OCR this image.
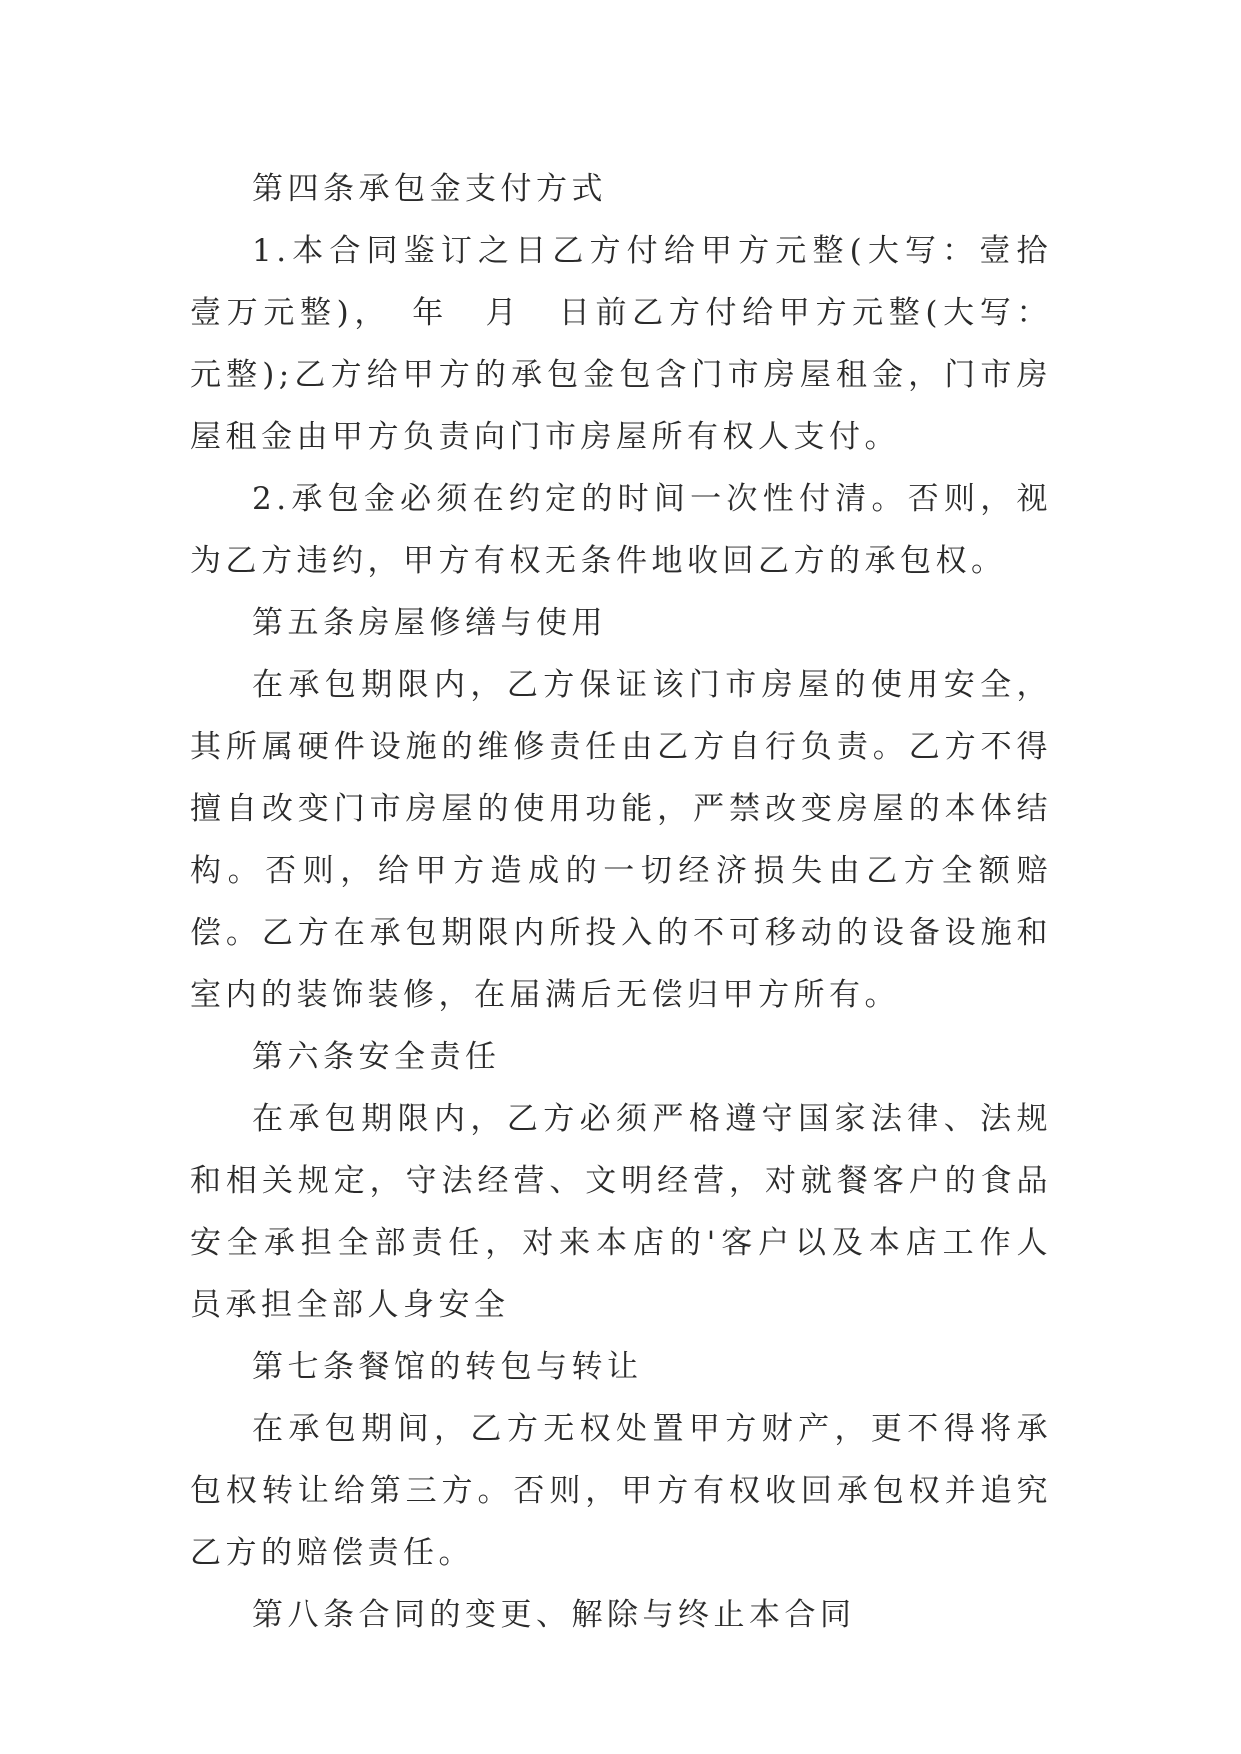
第四条承包金支付方式

1.本合同鉴订之日乙方付给甲方元整(大写：壹拾壹万元整)，　年　月　日前乙方付给甲方元整(大写：元整);乙方给甲方的承包金包含门市房屋租金，门市房屋租金由甲方负责向门市房屋所有权人支付。

2.承包金必须在约定的时间一次性付清。否则，视为乙方违约，甲方有权无条件地收回乙方的承包权。

第五条房屋修缮与使用

在承包期限内，乙方保证该门市房屋的使用安全，其所属硬件设施的维修责任由乙方自行负责。乙方不得擅自改变门市房屋的使用功能，严禁改变房屋的本体结构。否则，给甲方造成的一切经济损失由乙方全额赔偿。乙方在承包期限内所投入的不可移动的设备设施和室内的装饰装修，在届满后无偿归甲方所有。

第六条安全责任

在承包期限内，乙方必须严格遵守国家法律、法规和相关规定，守法经营、文明经营，对就餐客户的食品安全承担全部责任，对来本店的'客户以及本店工作人员承担全部人身安全

第七条餐馆的转包与转让

在承包期间，乙方无权处置甲方财产，更不得将承包权转让给第三方。否则，甲方有权收回承包权并追究乙方的赔偿责任。

第八条合同的变更、解除与终止本合同
